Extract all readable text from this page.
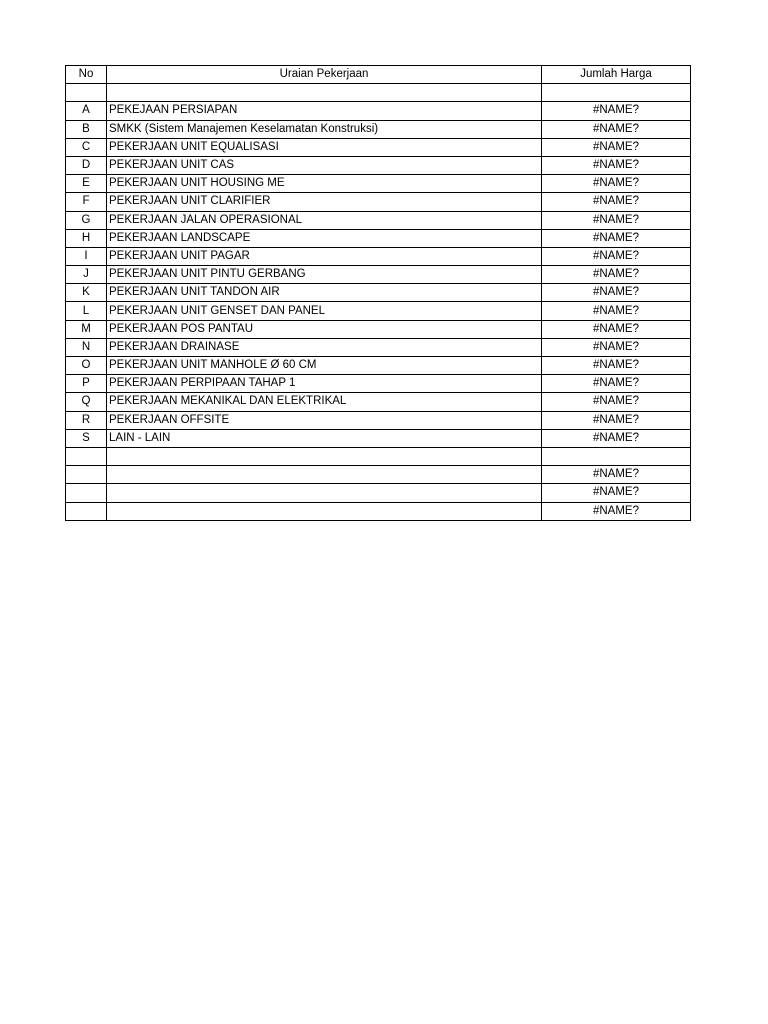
No	Uraian Pekerjaan	Jumlah Harga

A	PEKEJAAN PERSIAPAN	#NAME?
B	SMKK (Sistem Manajemen Keselamatan Konstruksi)	#NAME?
C	PEKERJAAN UNIT EQUALISASI	#NAME?
D	PEKERJAAN UNIT CAS	#NAME?
E	PEKERJAAN UNIT HOUSING ME	#NAME?
F	PEKERJAAN UNIT CLARIFIER	#NAME?
G	PEKERJAAN JALAN OPERASIONAL	#NAME?
H	PEKERJAAN LANDSCAPE	#NAME?
I	PEKERJAAN UNIT PAGAR	#NAME?
J	PEKERJAAN UNIT PINTU GERBANG	#NAME?
K	PEKERJAAN UNIT TANDON AIR	#NAME?
L	PEKERJAAN UNIT GENSET DAN PANEL	#NAME?
M	PEKERJAAN POS PANTAU	#NAME?
N	PEKERJAAN DRAINASE	#NAME?
O	PEKERJAAN UNIT MANHOLE Ø 60 CM	#NAME?
P	PEKERJAAN PERPIPAAN TAHAP 1	#NAME?
Q	PEKERJAAN MEKANIKAL DAN ELEKTRIKAL	#NAME?
R	PEKERJAAN OFFSITE	#NAME?
S	LAIN - LAIN	#NAME?

		#NAME?
		#NAME?
		#NAME?
